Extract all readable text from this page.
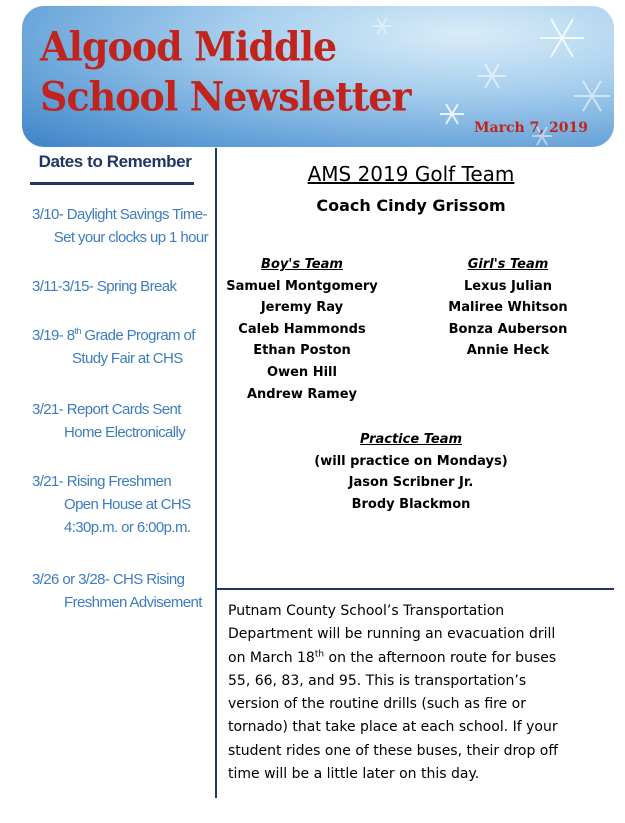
Algood Middle
School Newsletter
March 7, 2019
Dates to Remember
3/10- Daylight Savings Time-
Set your clocks up 1 hour
3/11-3/15- Spring Break
3/19- 8th Grade Program of
Study Fair at CHS
3/21- Report Cards Sent
Home Electronically
3/21- Rising Freshmen
Open House at CHS
4:30p.m. or 6:00p.m.
3/26 or 3/28- CHS Rising
Freshmen Advisement
AMS 2019 Golf Team
Coach Cindy Grissom
Boy's Team
Samuel Montgomery
Jeremy Ray
Caleb Hammonds
Ethan Poston
Owen Hill
Andrew Ramey
Girl's Team
Lexus Julian
Maliree Whitson
Bonza Auberson
Annie Heck
Practice Team
(will practice on Mondays)
Jason Scribner Jr.
Brody Blackmon
Putnam County School’s Transportation
Department will be running an evacuation drill
on March 18th on the afternoon route for buses
55, 66, 83, and 95. This is transportation’s
version of the routine drills (such as fire or
tornado) that take place at each school. If your
student rides one of these buses, their drop off
time will be a little later on this day.
